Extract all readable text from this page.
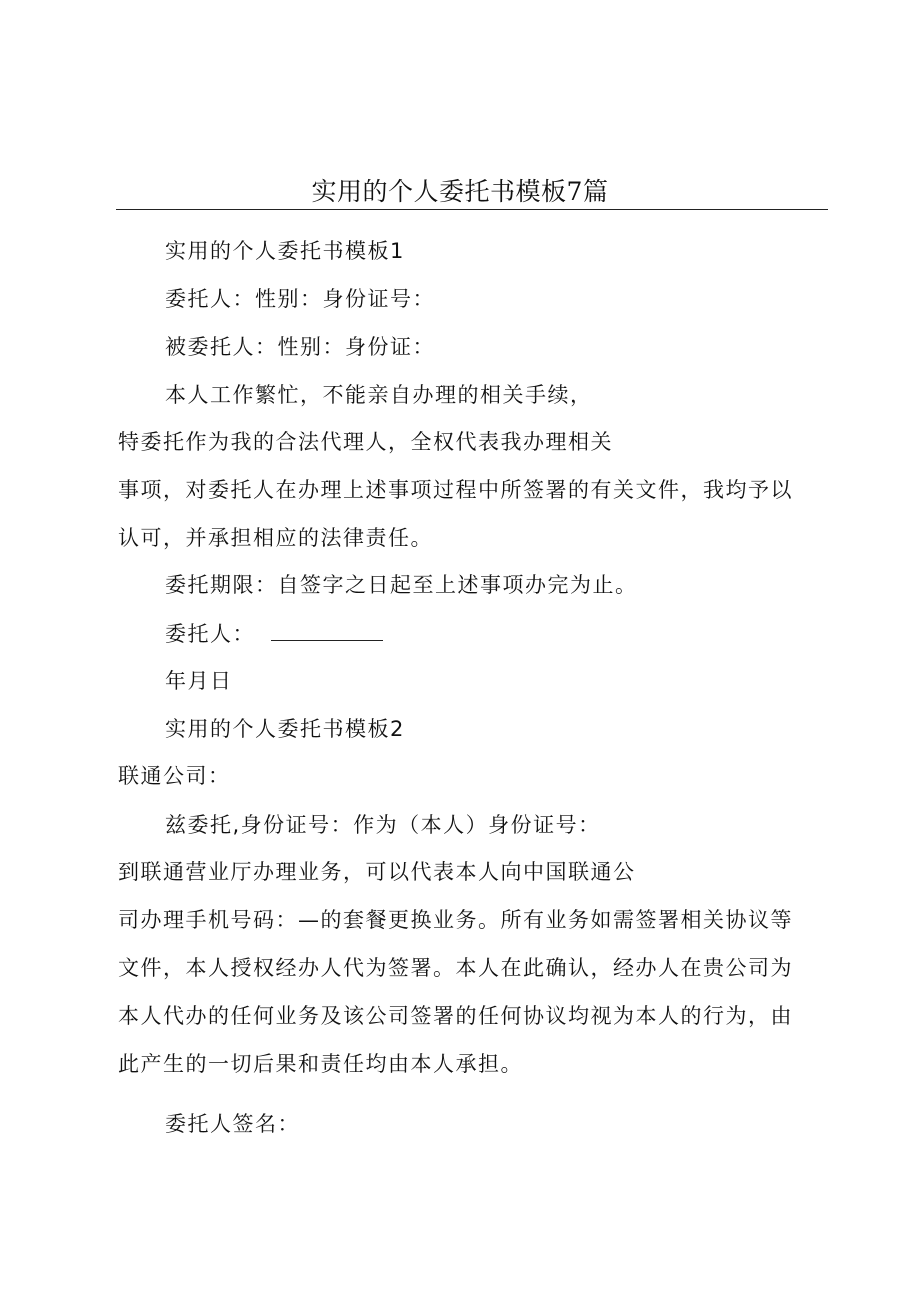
实用的个人委托书模板7篇
实用的个人委托书模板1
委托人：性别：身份证号：
被委托人：性别：身份证：
本人工作繁忙，不能亲自办理的相关手续，
特委托作为我的合法代理人，全权代表我办理相关
事项，对委托人在办理上述事项过程中所签署的有关文件，我均予以
认可，并承担相应的法律责任。
委托期限：自签字之日起至上述事项办完为止。
委托人：
年月日
实用的个人委托书模板2
联通公司：
兹委托,身份证号：作为（本人）身份证号：
到联通营业厅办理业务，可以代表本人向中国联通公
司办理手机号码：—的套餐更换业务。所有业务如需签署相关协议等
文件，本人授权经办人代为签署。本人在此确认，经办人在贵公司为
本人代办的任何业务及该公司签署的任何协议均视为本人的行为，由
此产生的一切后果和责任均由本人承担。
委托人签名：
